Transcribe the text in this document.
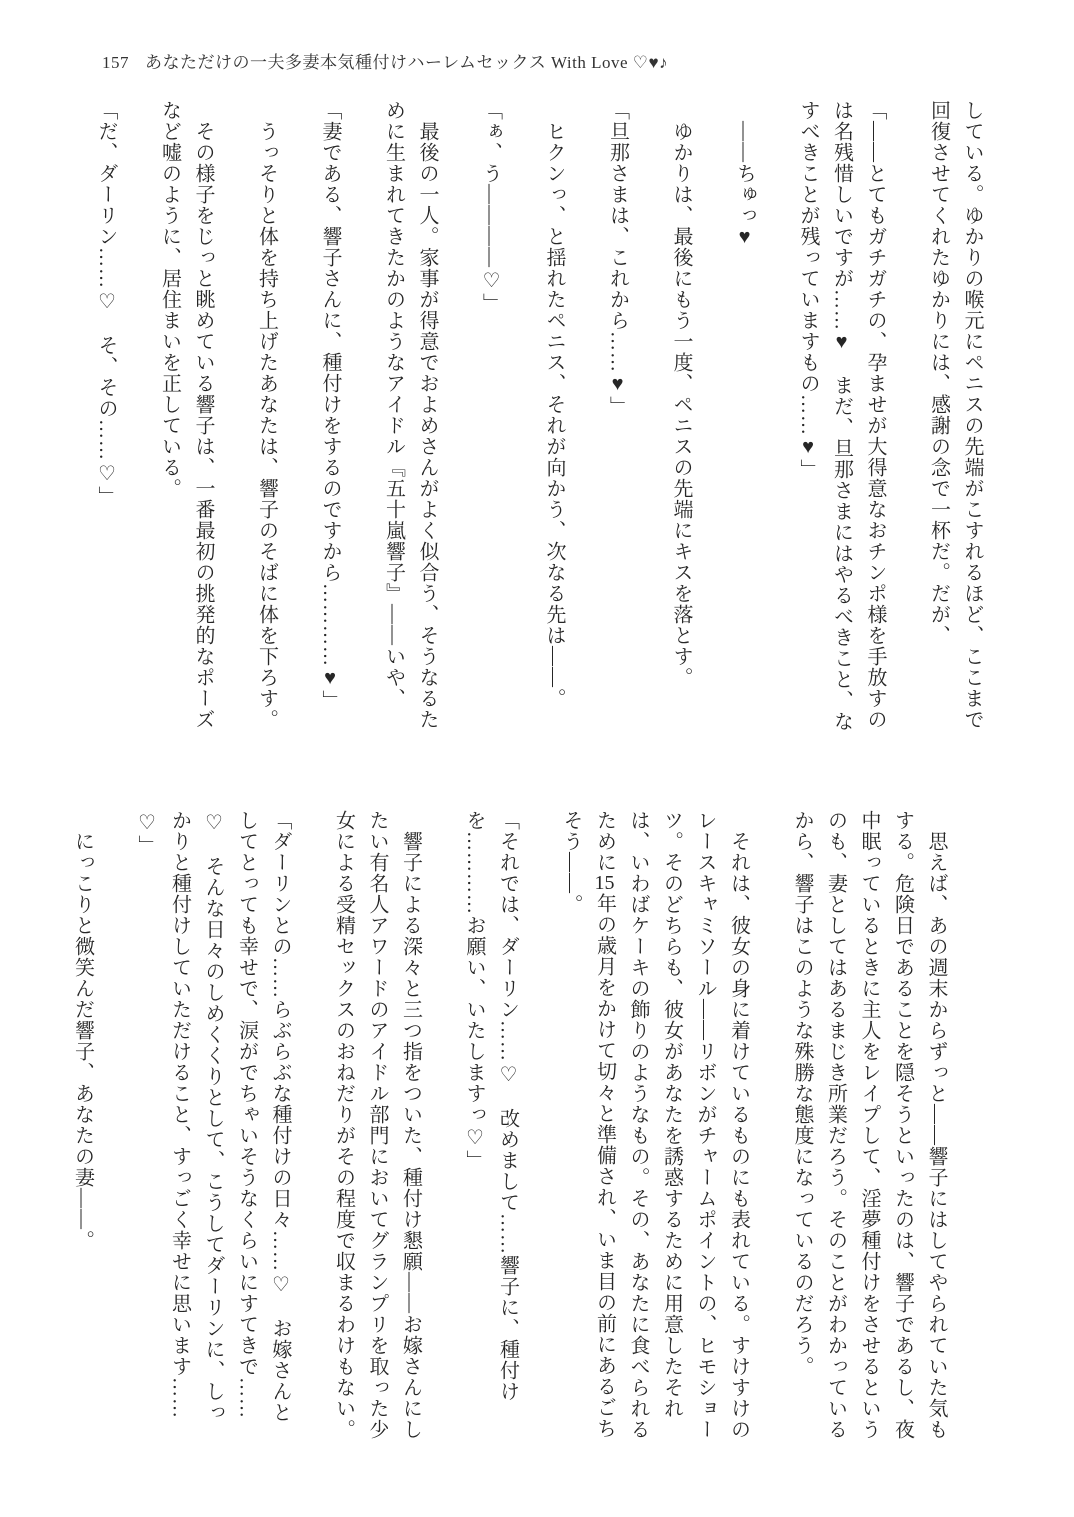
157 あなただけの一夫多妻本気種付けハーレムセックス With Love ♡♥♪

している。ゆかりの喉元にペニスの先端がこすれるほど、ここまで回復させてくれたゆかりには、感謝の念で一杯だ。だが、

「——とてもガチガチの、孕ませが大得意なおチンポ様を手放すのは名残惜しいですが……♥　まだ、旦那さまにはやるべきこと、なすべきことが残っていますもの……♥」

　——ちゅっ♥

　ゆかりは、最後にもう一度、ペニスの先端にキスを落とす。

「旦那さまは、これから……♥」

　ヒクンっ、と揺れたペニス、それが向かう、次なる先は——。

「ぁ、う————♡」

　最後の一人。家事が得意でおよめさんがよく似合う、そうなるために生まれてきたかのようなアイドル『五十嵐響子』——いや、

「妻である、響子さんに、種付けをするのですから…………♥」

　うっそりと体を持ち上げたあなたは、響子のそばに体を下ろす。

　その様子をじっと眺めている響子は、一番最初の挑発的なポーズなど嘘のように、居住まいを正している。

「だ、ダーリン……♡　そ、その……♡」

　思えば、あの週末からずっと——響子にはしてやられていた気もする。危険日であることを隠そうといったのは、響子であるし、夜中眠っているときに主人をレイプして、淫夢種付けをさせるというのも、妻としてはあるまじき所業だろう。そのことがわかっているから、響子はこのような殊勝な態度になっているのだろう。

　それは、彼女の身に着けているものにも表れている。すけすけのレースキャミソール——リボンがチャームポイントの、ヒモショーツ。そのどちらも、彼女があなたを誘惑するために用意したそれは、いわばケーキの飾りのようなもの。その、あなたに食べられるために15年の歳月をかけて切々と準備され、いま目の前にあるごちそう——。

「それでは、ダーリン……♡　改めまして……響子に、種付けを…………お願い、いたしますっ♡」

　響子による深々と三つ指をついた、種付け懇願——お嫁さんにしたい有名人アワードのアイドル部門においてグランプリを取った少女による受精セックスのおねだりがその程度で収まるわけもない。

「ダーリンとの……らぶらぶな種付けの日々……♡　お嫁さんとしてとっても幸せで、涙がでちゃいそうなくらいにすてきで……♡　そんな日々のしめくくりとして、こうしてダーリンに、しっかりと種付けしていただけること、すっごく幸せに思います……♡」

　にっこりと微笑んだ響子、あなたの妻——。
